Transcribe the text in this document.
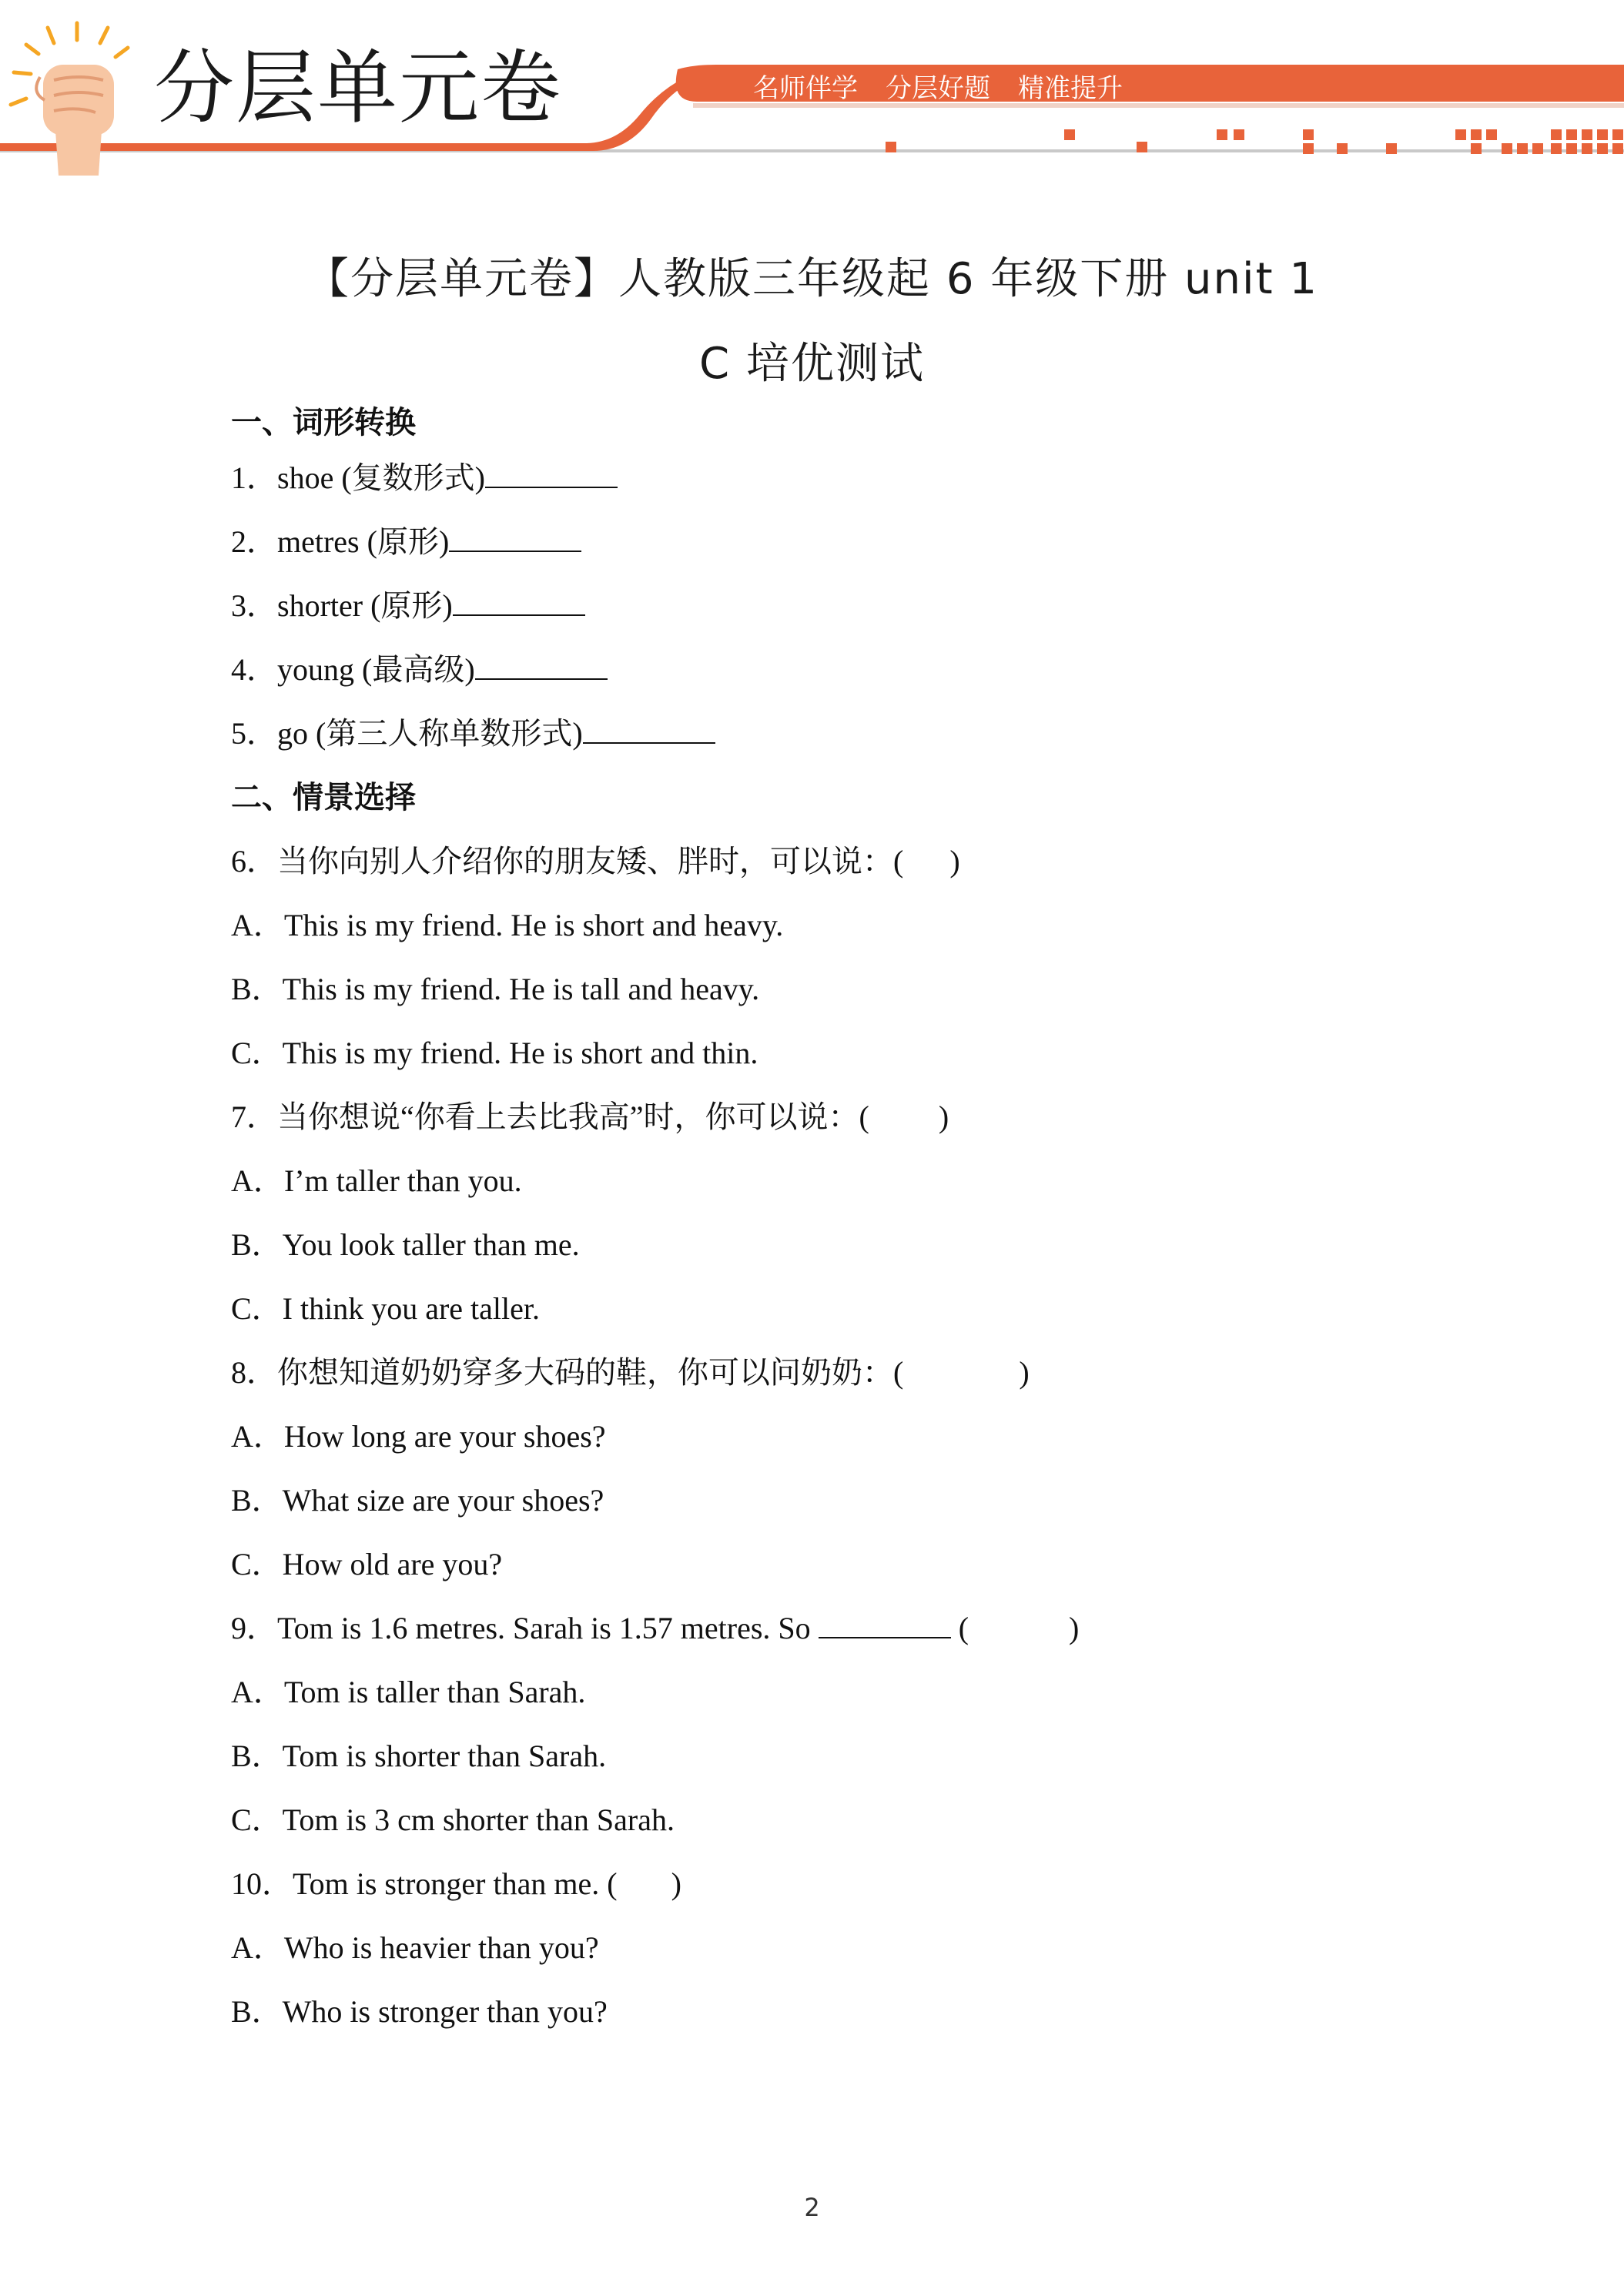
分层单元卷	名师伴学 分层好题 精准提升
【分层单元卷】人教版三年级起 6 年级下册 unit 1
C 培优测试
一、词形转换
1．shoe (复数形式)
2．metres (原形)
3．shorter (原形)
4．young (最高级)
5．go (第三人称单数形式)
二、情景选择
6．当你向别人介绍你的朋友矮、胖时，可以说：(      )
A．This is my friend. He is short and heavy.
B．This is my friend. He is tall and heavy.
C．This is my friend. He is short and thin.
7．当你想说“你看上去比我高”时，你可以说：(         )
A．I’m taller than you.
B．You look taller than me.
C．I think you are taller.
8．你想知道奶奶穿多大码的鞋，你可以问奶奶：(               )
A．How long are your shoes?
B．What size are your shoes?
C．How old are you?
9．Tom is 1.6 metres. Sarah is 1.57 metres. So	(             )
A．Tom is taller than Sarah.
B．Tom is shorter than Sarah.
C．Tom is 3 cm shorter than Sarah.
10．Tom is stronger than me. (       )
A．Who is heavier than you?
B．Who is stronger than you?
2
